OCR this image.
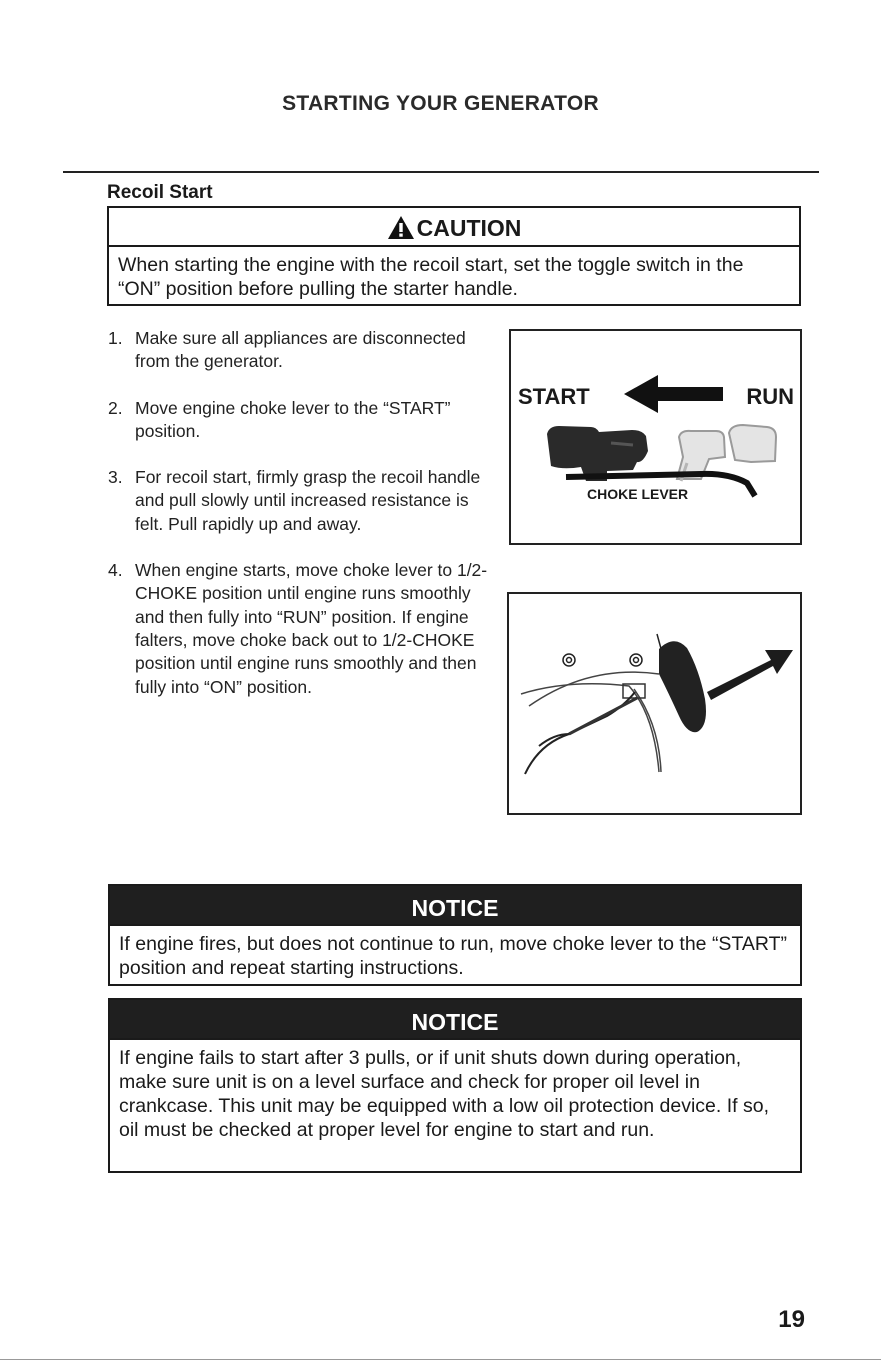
STARTING YOUR GENERATOR
Recoil Start
CAUTION
When starting the engine with the recoil start, set the toggle switch in the “ON” position before pulling the starter handle.

1. Make sure all appliances are disconnected from the generator.

2. Move engine choke lever to the “START” position.

3. For recoil start, firmly grasp the recoil handle and pull slowly until increased resistance is felt. Pull rapidly up and away.

4. When engine starts, move choke lever to 1/2-CHOKE position until engine runs smoothly and then fully into “RUN” position. If engine falters, move choke back out to 1/2-CHOKE position until engine runs smoothly and then fully into “ON” position.

START	RUN
CHOKE LEVER
NOTICE
If engine fires, but does not continue to run, move choke lever to the “START” position and repeat starting instructions.
NOTICE
If engine fails to start after 3 pulls, or if unit shuts down during operation, make sure unit is on a level surface and check for proper oil level in crankcase. This unit may be equipped with a low oil protection device. If so, oil must be checked at proper level for engine to start and run.
19
